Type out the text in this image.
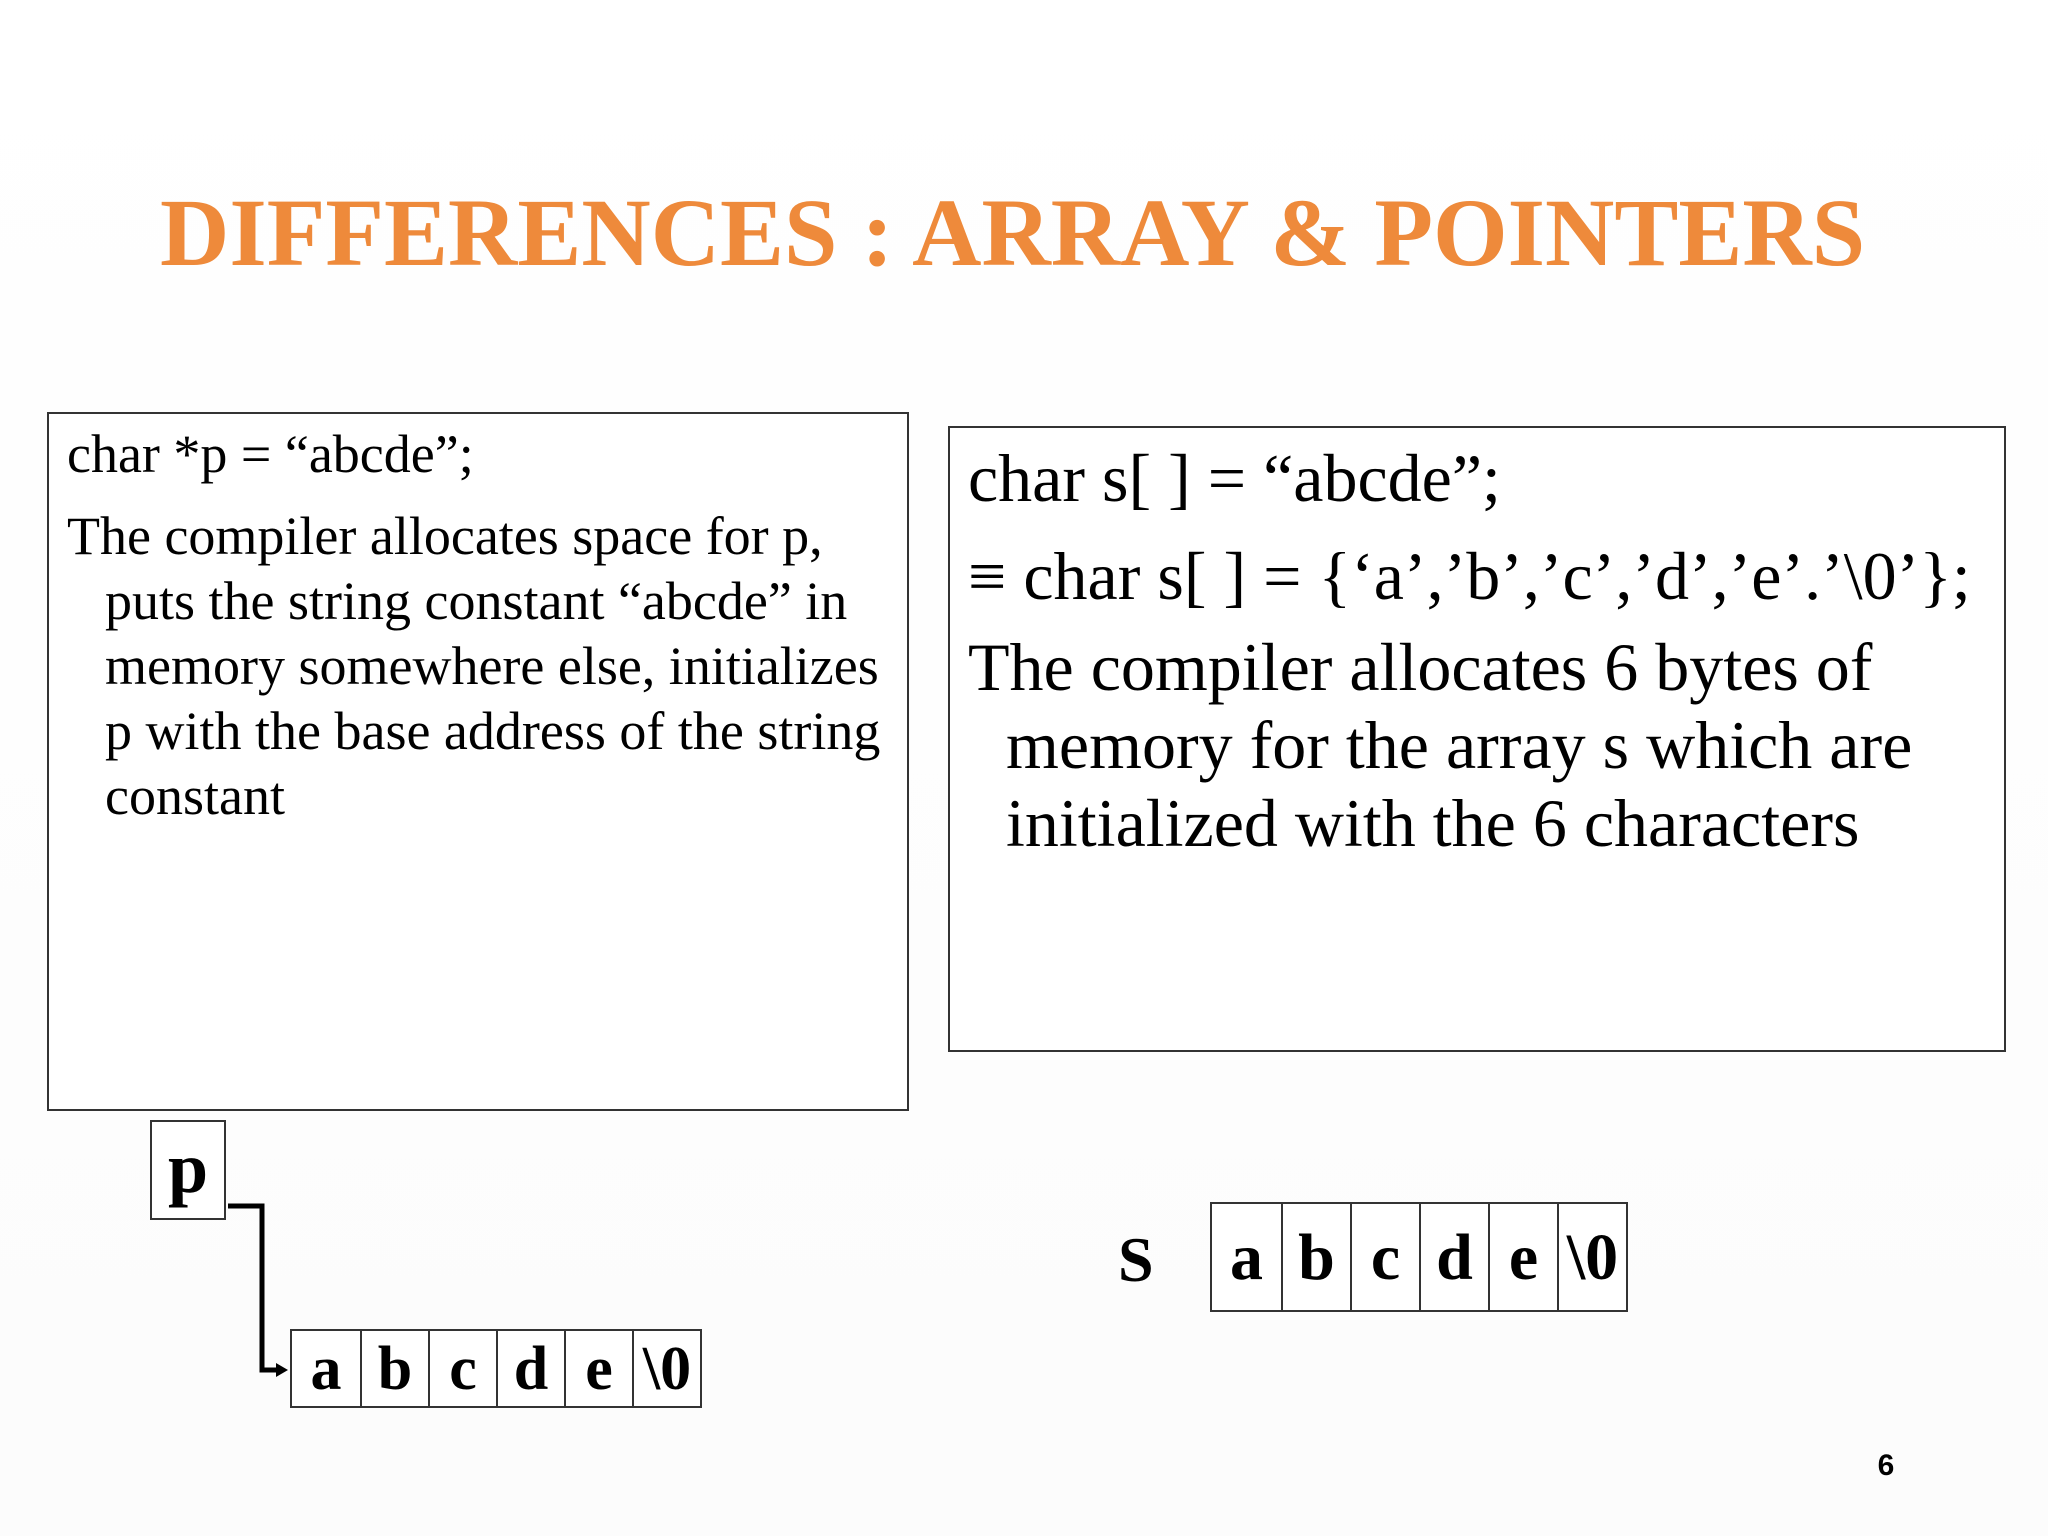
DIFFERENCES : ARRAY & POINTERS

char *p = “abcde”;

The compiler allocates space for p, puts the string constant “abcde” in memory somewhere else, initializes p with the base address of the string constant

char s[ ] = “abcde”;

≡ char s[ ] = {‘a’,’b’,’c’,’d’,’e’.’\0’};

The compiler allocates 6 bytes of memory for the array s which are initialized with the 6 characters

p
a b c d e \0
S a b c d e \0
6
